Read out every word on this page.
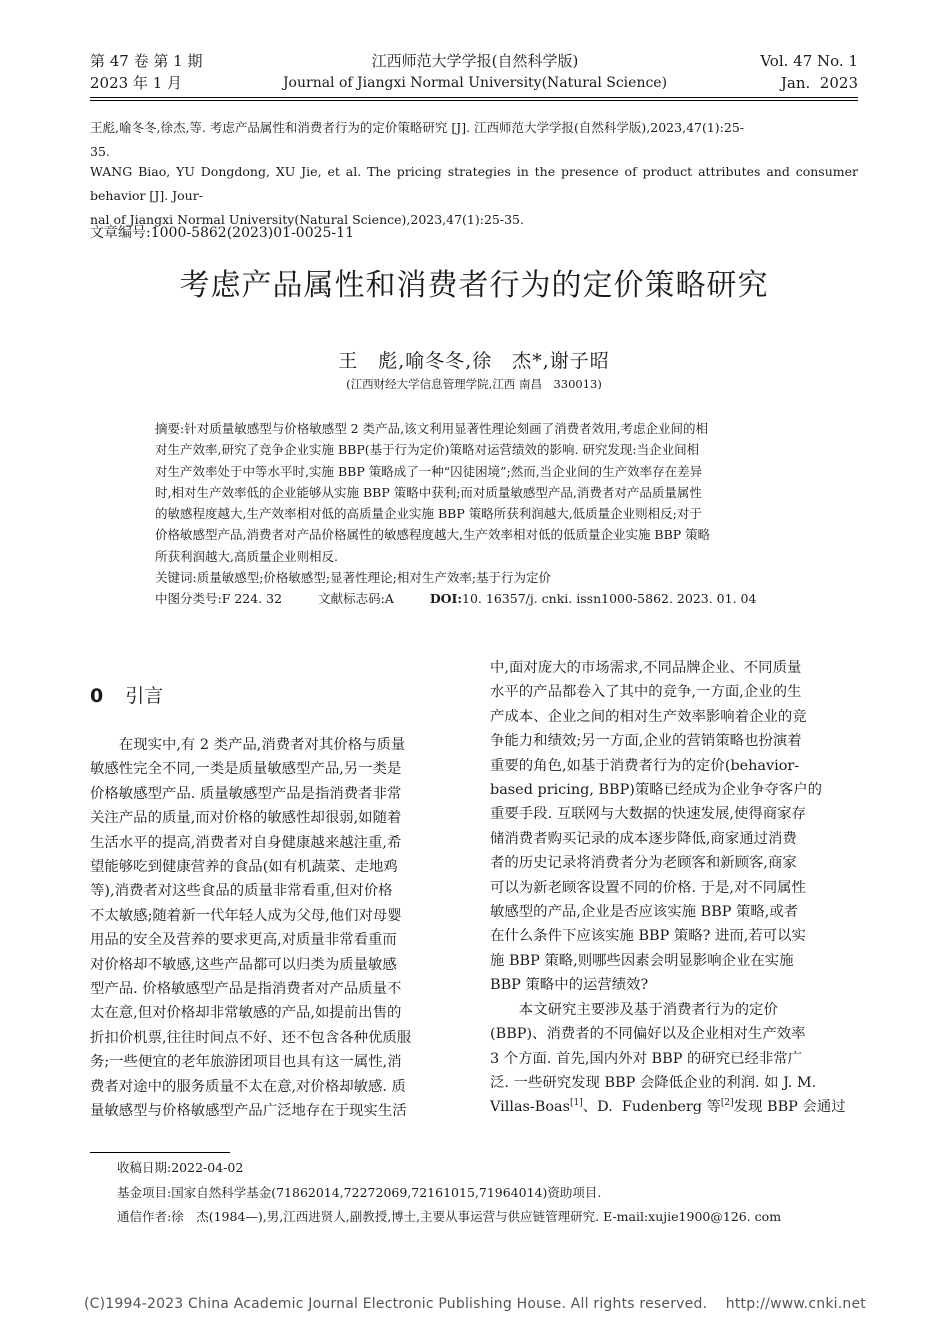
第 47 卷 第 1 期
2023 年 1 月
江西师范大学学报(自然科学版)
Journal of Jiangxi Normal University(Natural Science)
Vol. 47 No. 1
Jan.  2023
王彪,喻冬冬,徐杰,等. 考虑产品属性和消费者行为的定价策略研究 [J]. 江西师范大学学报(自然科学版),2023,47(1):25-
35.
WANG Biao, YU Dongdong, XU Jie, et al. The pricing strategies in the presence of product attributes and consumer behavior [J]. Jour-
nal of Jiangxi Normal University(Natural Science),2023,47(1):25-35.
文章编号:1000-5862(2023)01-0025-11
考虑产品属性和消费者行为的定价策略研究
王　彪,喻冬冬,徐　杰*,谢子昭
(江西财经大学信息管理学院,江西 南昌　330013)
摘要:针对质量敏感型与价格敏感型 2 类产品,该文利用显著性理论刻画了消费者效用,考虑企业间的相
对生产效率,研究了竞争企业实施 BBP(基于行为定价)策略对运营绩效的影响. 研究发现:当企业间相
对生产效率处于中等水平时,实施 BBP 策略成了一种“囚徒困境”;然而,当企业间的生产效率存在差异
时,相对生产效率低的企业能够从实施 BBP 策略中获利;而对质量敏感型产品,消费者对产品质量属性
的敏感程度越大,生产效率相对低的高质量企业实施 BBP 策略所获利润越大,低质量企业则相反;对于
价格敏感型产品,消费者对产品价格属性的敏感程度越大,生产效率相对低的低质量企业实施 BBP 策略
所获利润越大,高质量企业则相反.
关键词:质量敏感型;价格敏感型;显著性理论;相对生产效率;基于行为定价
中图分类号:F 224. 32	文献标志码:A	DOI:10. 16357/j. cnki. issn1000-5862. 2023. 01. 04
0 引言
在现实中,有 2 类产品,消费者对其价格与质量
敏感性完全不同,一类是质量敏感型产品,另一类是
价格敏感型产品. 质量敏感型产品是指消费者非常
关注产品的质量,而对价格的敏感性却很弱,如随着
生活水平的提高,消费者对自身健康越来越注重,希
望能够吃到健康营养的食品(如有机蔬菜、走地鸡
等),消费者对这些食品的质量非常看重,但对价格
不太敏感;随着新一代年轻人成为父母,他们对母婴
用品的安全及营养的要求更高,对质量非常看重而
对价格却不敏感,这些产品都可以归类为质量敏感
型产品. 价格敏感型产品是指消费者对产品质量不
太在意,但对价格却非常敏感的产品,如提前出售的
折扣价机票,往往时间点不好、还不包含各种优质服
务;一些便宜的老年旅游团项目也具有这一属性,消
费者对途中的服务质量不太在意,对价格却敏感. 质
量敏感型与价格敏感型产品广泛地存在于现实生活
中,面对庞大的市场需求,不同品牌企业、不同质量
水平的产品都卷入了其中的竞争,一方面,企业的生
产成本、企业之间的相对生产效率影响着企业的竞
争能力和绩效;另一方面,企业的营销策略也扮演着
重要的角色,如基于消费者行为的定价(behavior-
based pricing, BBP)策略已经成为企业争夺客户的
重要手段. 互联网与大数据的快速发展,使得商家存
储消费者购买记录的成本逐步降低,商家通过消费
者的历史记录将消费者分为老顾客和新顾客,商家
可以为新老顾客设置不同的价格. 于是,对不同属性
敏感型的产品,企业是否应该实施 BBP 策略,或者
在什么条件下应该实施 BBP 策略? 进而,若可以实
施 BBP 策略,则哪些因素会明显影响企业在实施
BBP 策略中的运营绩效?
本文研究主要涉及基于消费者行为的定价
(BBP)、消费者的不同偏好以及企业相对生产效率
3 个方面. 首先,国内外对 BBP 的研究已经非常广
泛. 一些研究发现 BBP 会降低企业的利润. 如 J. M.
Villas-Boas[1]、D.  Fudenberg 等[2]发现 BBP 会通过
收稿日期:2022-04-02
基金项目:国家自然科学基金(71862014,72272069,72161015,71964014)资助项目.
通信作者:徐　杰(1984—),男,江西进贤人,副教授,博士,主要从事运营与供应链管理研究. E-mail:xujie1900@126. com
(C)1994-2023 China Academic Journal Electronic Publishing House. All rights reserved.    http://www.cnki.net
